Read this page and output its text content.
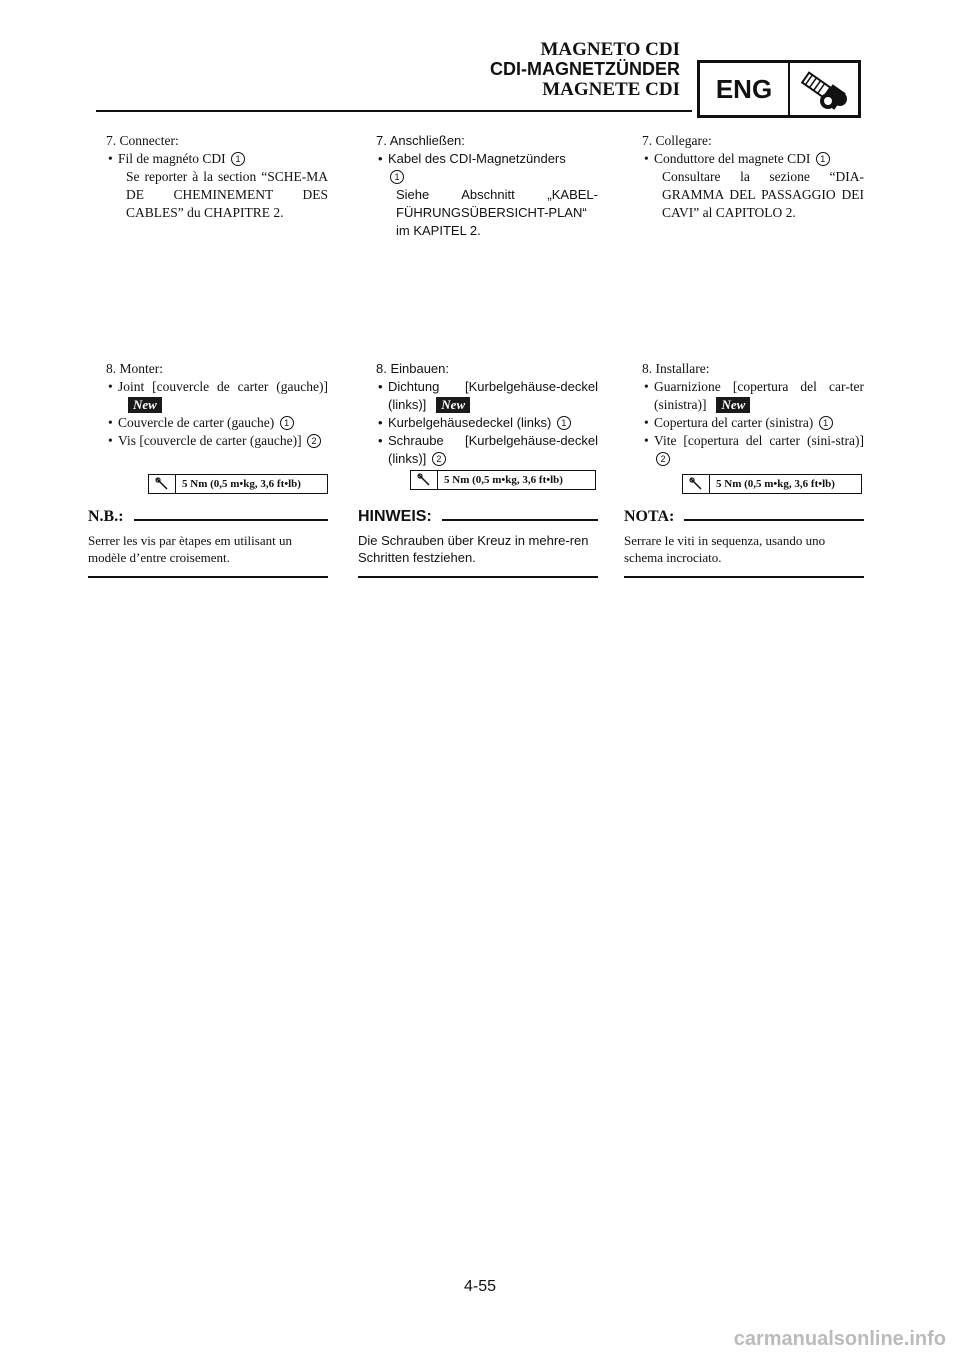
MAGNETO CDI
CDI-MAGNETZÜNDER
MAGNETE CDI	ENG
7. Connecter:
• Fil de magnéto CDI 1
Se reporter à la section “SCHE-MA DE CHEMINEMENT DES CABLES” du CHAPITRE 2.
8. Monter:
• Joint [couvercle de carter (gauche)]New
• Couvercle de carter (gauche) 1
• Vis [couvercle de carter (gauche)] 2
5 Nm (0,5 m•kg, 3,6 ft•lb)
N.B.:
Serrer les vis par ètapes em utilisant un modèle d’entre croisement.
7. Anschließen:
• Kabel des CDI-Magnetzünders
1
Siehe Abschnitt „KABEL-FÜHRUNGSÜBERSICHT-PLAN“ im KAPITEL 2.
8. Einbauen:
• Dichtung [Kurbelgehäuse-deckel (links)] New
• Kurbelgehäusedeckel (links) 1
• Schraube [Kurbelgehäuse-deckel (links)] 2
5 Nm (0,5 m•kg, 3,6 ft•lb)
HINWEIS:
Die Schrauben über Kreuz in mehre-ren Schritten festziehen.
7. Collegare:
• Conduttore del magnete CDI 1
Consultare la sezione “DIA-GRAMMA DEL PASSAGGIO DEI CAVI” al CAPITOLO 2.
8. Installare:
• Guarnizione [copertura del car-ter (sinistra)] New
• Copertura del carter (sinistra) 1
• Vite [copertura del carter (sini-stra)] 2
5 Nm (0,5 m•kg, 3,6 ft•lb)
NOTA:
Serrare le viti in sequenza, usando uno schema incrociato.
4-55
carmanualsonline.info
